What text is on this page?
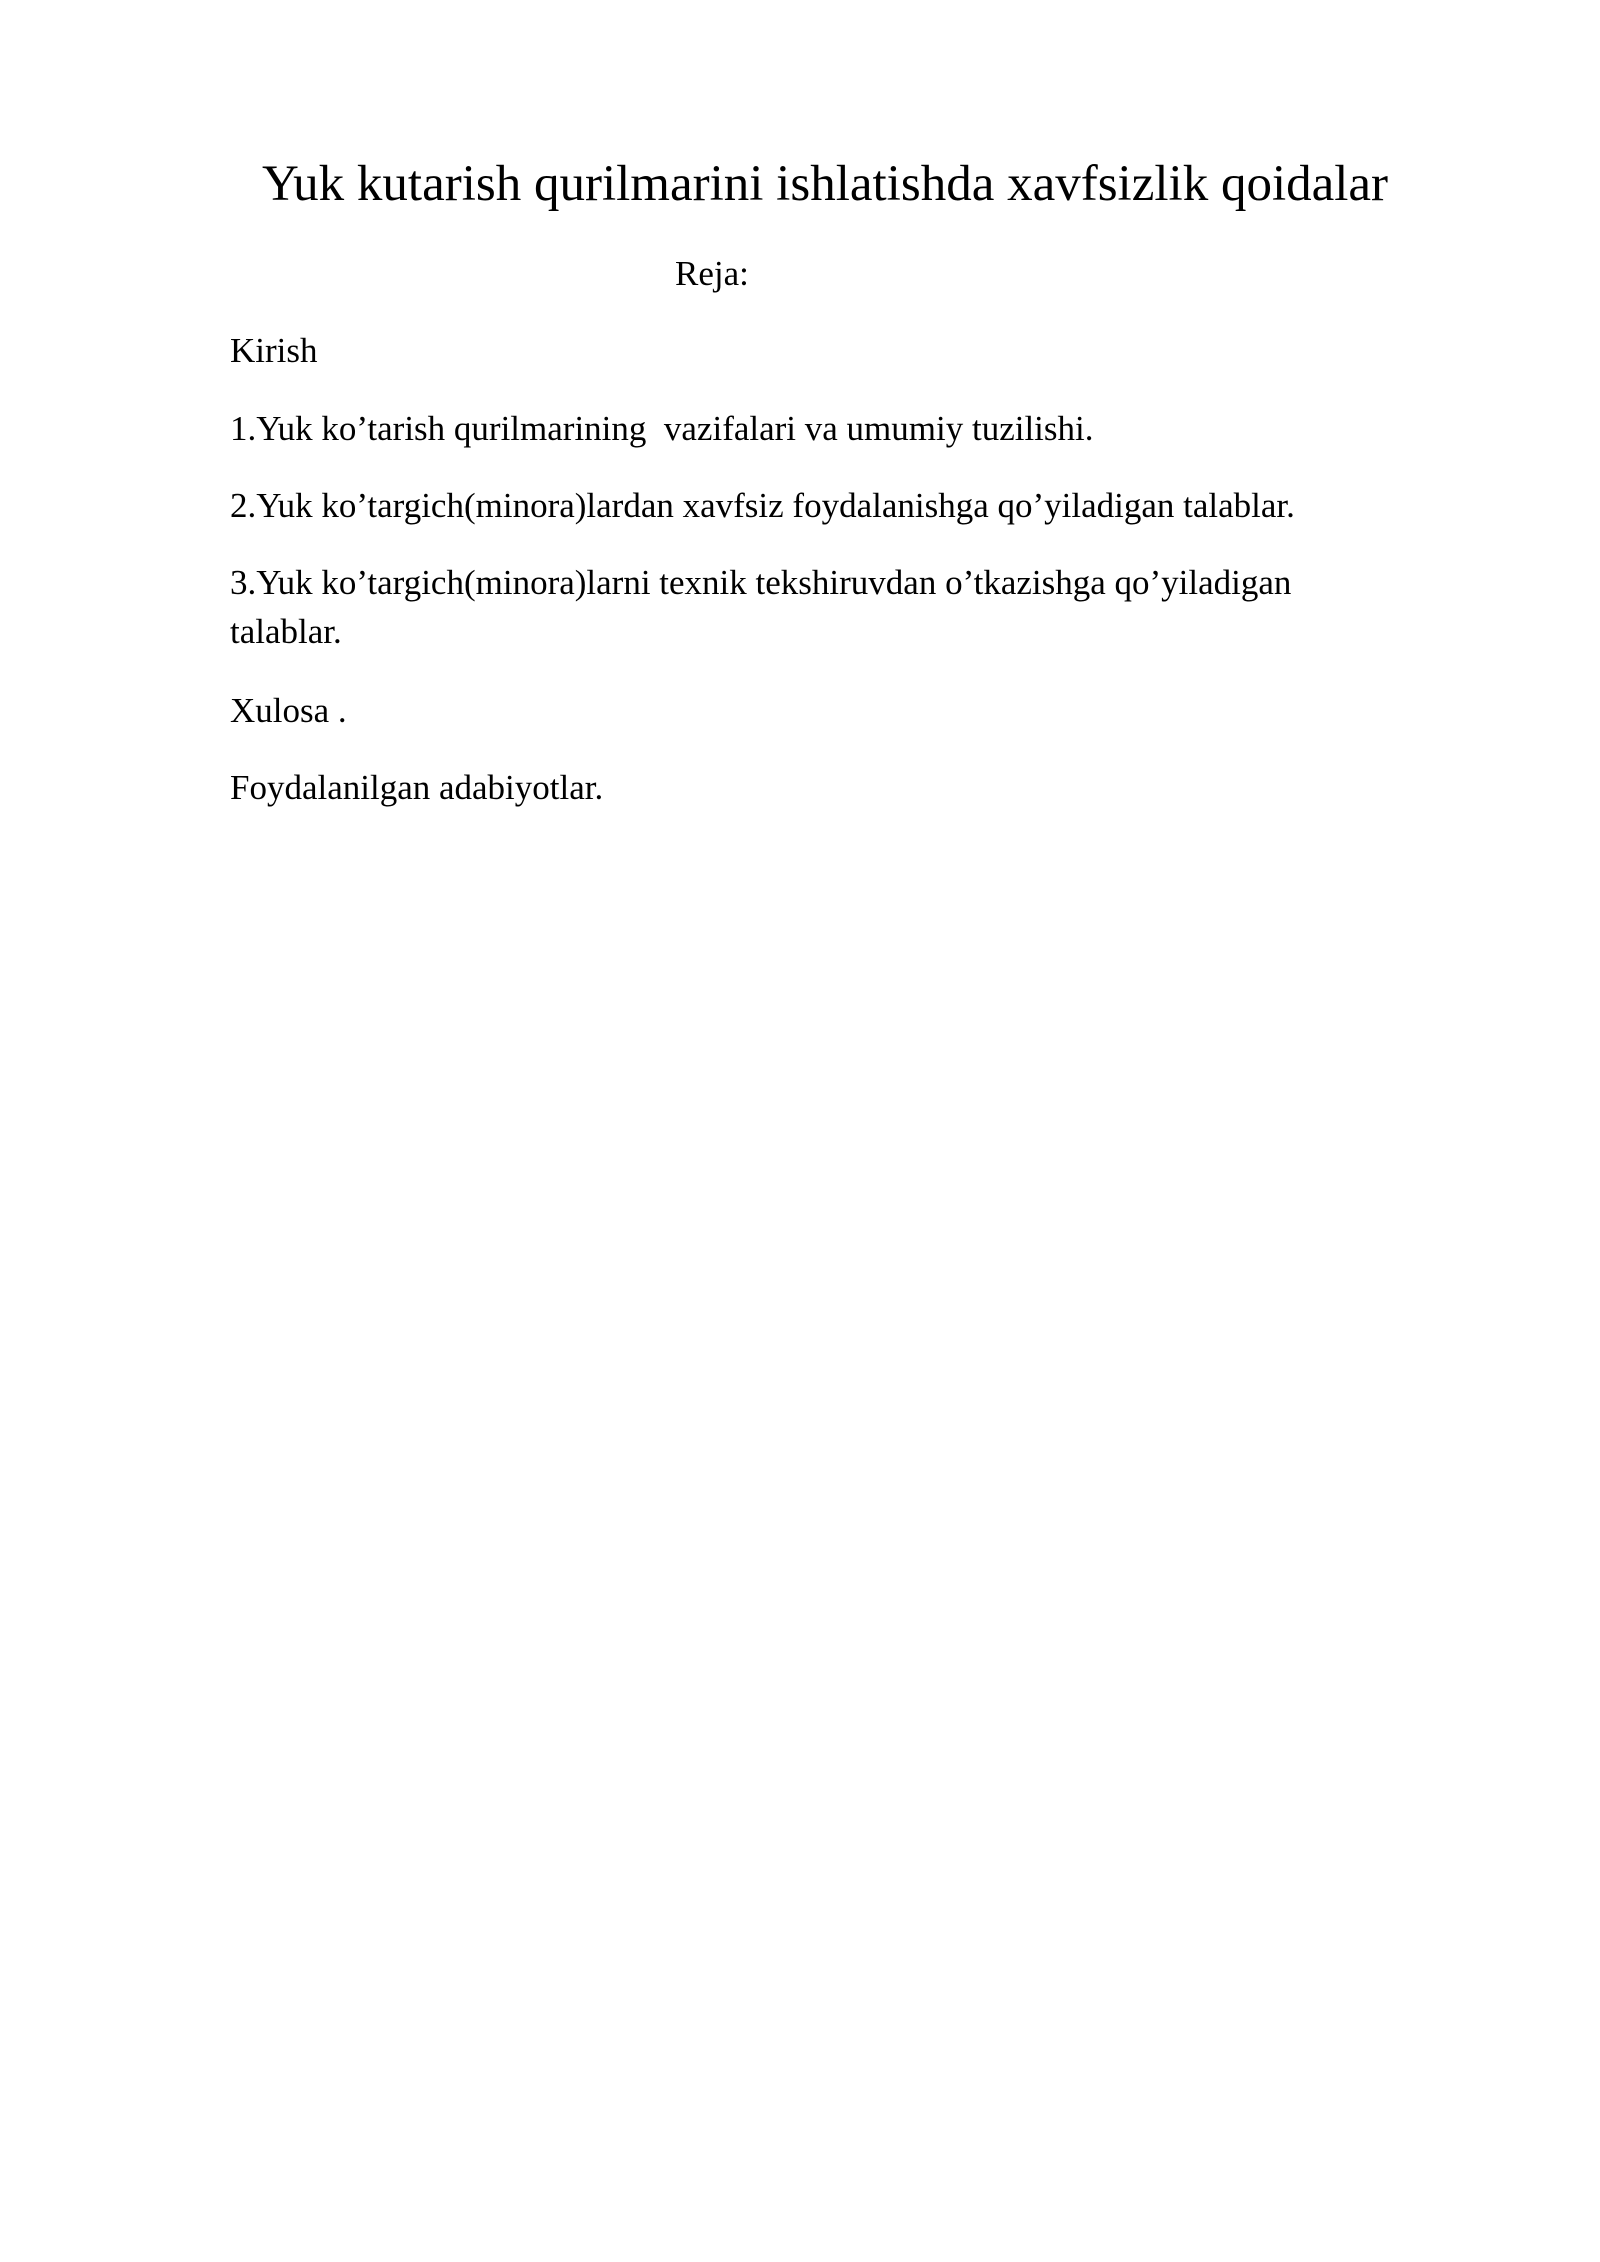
Yuk kutarish qurilmarini ishlatishda xavfsizlik qoidalar
Reja:
Kirish
1.Yuk ko’tarish qurilmarining  vazifalari va umumiy tuzilishi.
2.Yuk ko’targich(minora)lardan xavfsiz foydalanishga qo’yiladigan talablar.
3.Yuk ko’targich(minora)larni texnik tekshiruvdan o’tkazishga qo’yiladigan talablar.
Xulosa .
Foydalanilgan adabiyotlar.
